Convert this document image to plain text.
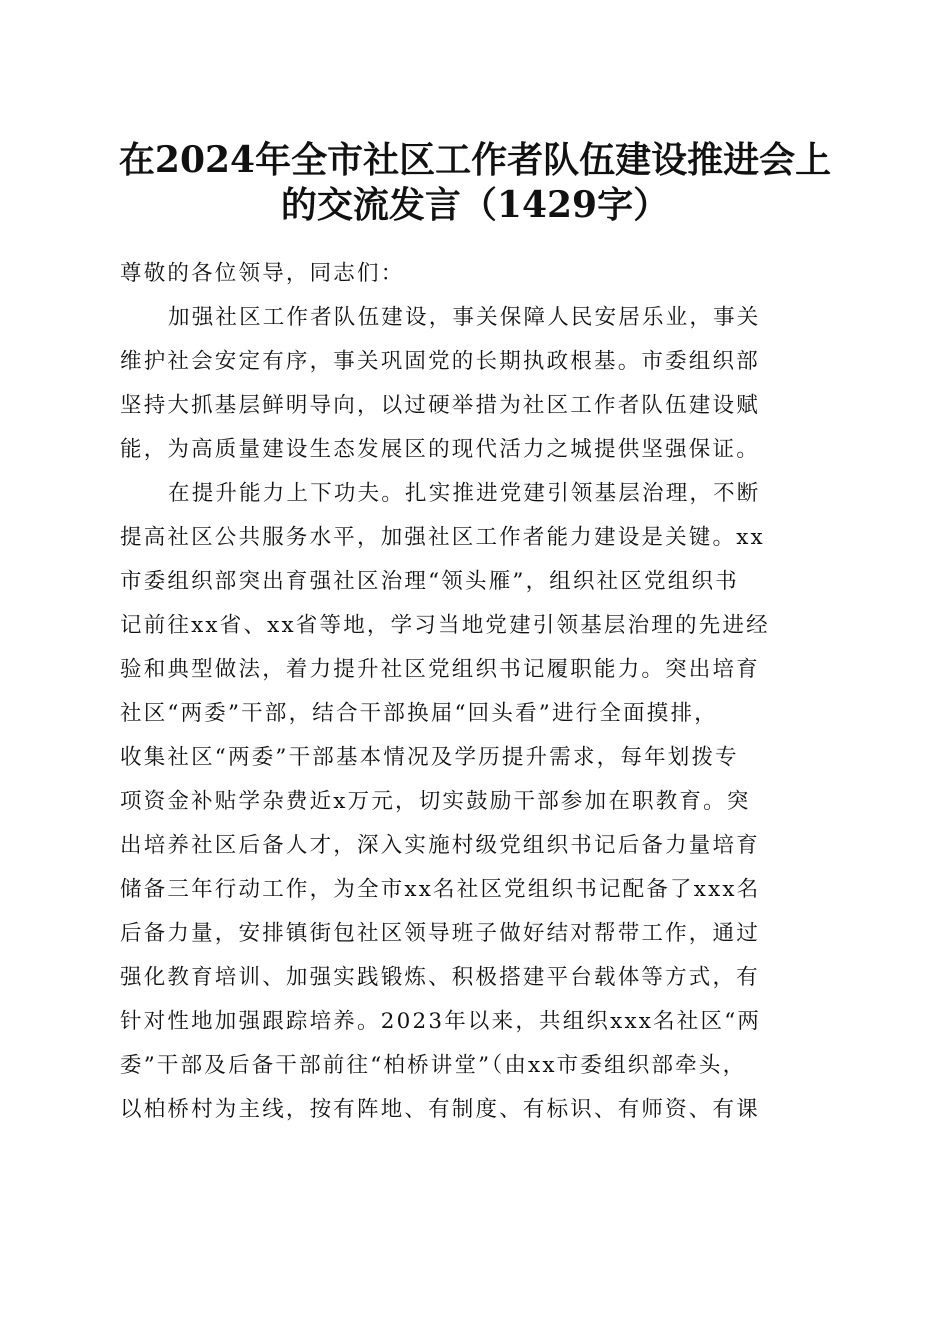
在2024年全市社区工作者队伍建设推进会上
的交流发言（1429字）
尊敬的各位领导，同志们：
加强社区工作者队伍建设，事关保障人民安居乐业，事关
维护社会安定有序，事关巩固党的长期执政根基。市委组织部
坚持大抓基层鲜明导向，以过硬举措为社区工作者队伍建设赋
能，为高质量建设生态发展区的现代活力之城提供坚强保证。
在提升能力上下功夫。扎实推进党建引领基层治理，不断
提高社区公共服务水平，加强社区工作者能力建设是关键。xx
市委组织部突出育强社区治理“领头雁”，组织社区党组织书
记前往xx省、xx省等地，学习当地党建引领基层治理的先进经
验和典型做法，着力提升社区党组织书记履职能力。突出培育
社区“两委”干部，结合干部换届“回头看”进行全面摸排，
收集社区“两委”干部基本情况及学历提升需求，每年划拨专
项资金补贴学杂费近x万元，切实鼓励干部参加在职教育。突
出培养社区后备人才，深入实施村级党组织书记后备力量培育
储备三年行动工作，为全市xx名社区党组织书记配备了xxx名
后备力量，安排镇街包社区领导班子做好结对帮带工作，通过
强化教育培训、加强实践锻炼、积极搭建平台载体等方式，有
针对性地加强跟踪培养。2023年以来，共组织xxx名社区“两
委”干部及后备干部前往“柏桥讲堂”（由xx市委组织部牵头，
以柏桥村为主线，按有阵地、有制度、有标识、有师资、有课
